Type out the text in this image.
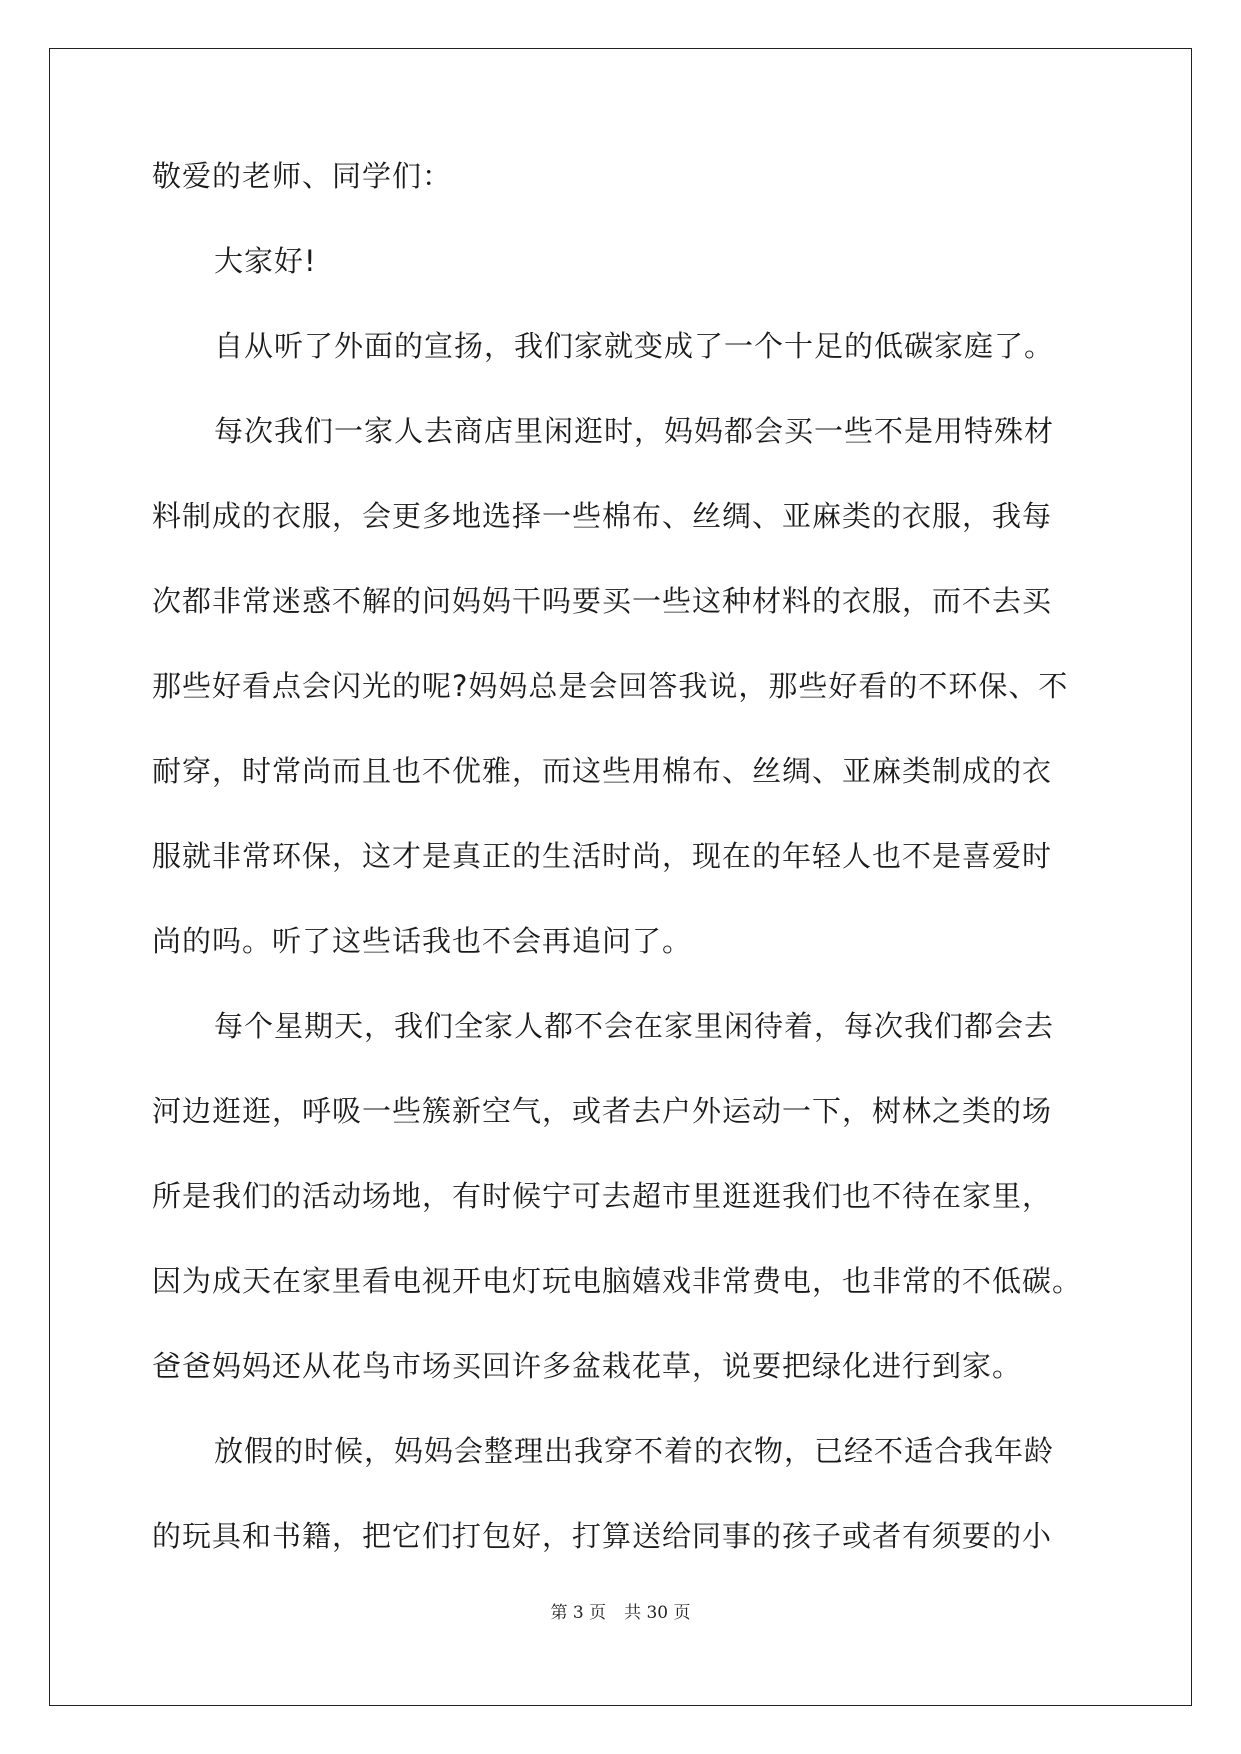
敬爱的老师、同学们：
大家好!
自从听了外面的宣扬，我们家就变成了一个十足的低碳家庭了。
每次我们一家人去商店里闲逛时，妈妈都会买一些不是用特殊材
料制成的衣服，会更多地选择一些棉布、丝绸、亚麻类的衣服，我每
次都非常迷惑不解的问妈妈干吗要买一些这种材料的衣服，而不去买
那些好看点会闪光的呢?妈妈总是会回答我说，那些好看的不环保、不
耐穿，时常尚而且也不优雅，而这些用棉布、丝绸、亚麻类制成的衣
服就非常环保，这才是真正的生活时尚，现在的年轻人也不是喜爱时
尚的吗。听了这些话我也不会再追问了。
每个星期天，我们全家人都不会在家里闲待着，每次我们都会去
河边逛逛，呼吸一些簇新空气，或者去户外运动一下，树林之类的场
所是我们的活动场地，有时候宁可去超市里逛逛我们也不待在家里，
因为成天在家里看电视开电灯玩电脑嬉戏非常费电，也非常的不低碳。
爸爸妈妈还从花鸟市场买回许多盆栽花草，说要把绿化进行到家。
放假的时候，妈妈会整理出我穿不着的衣物，已经不适合我年龄
的玩具和书籍，把它们打包好，打算送给同事的孩子或者有须要的小
第 3 页 共 30 页
